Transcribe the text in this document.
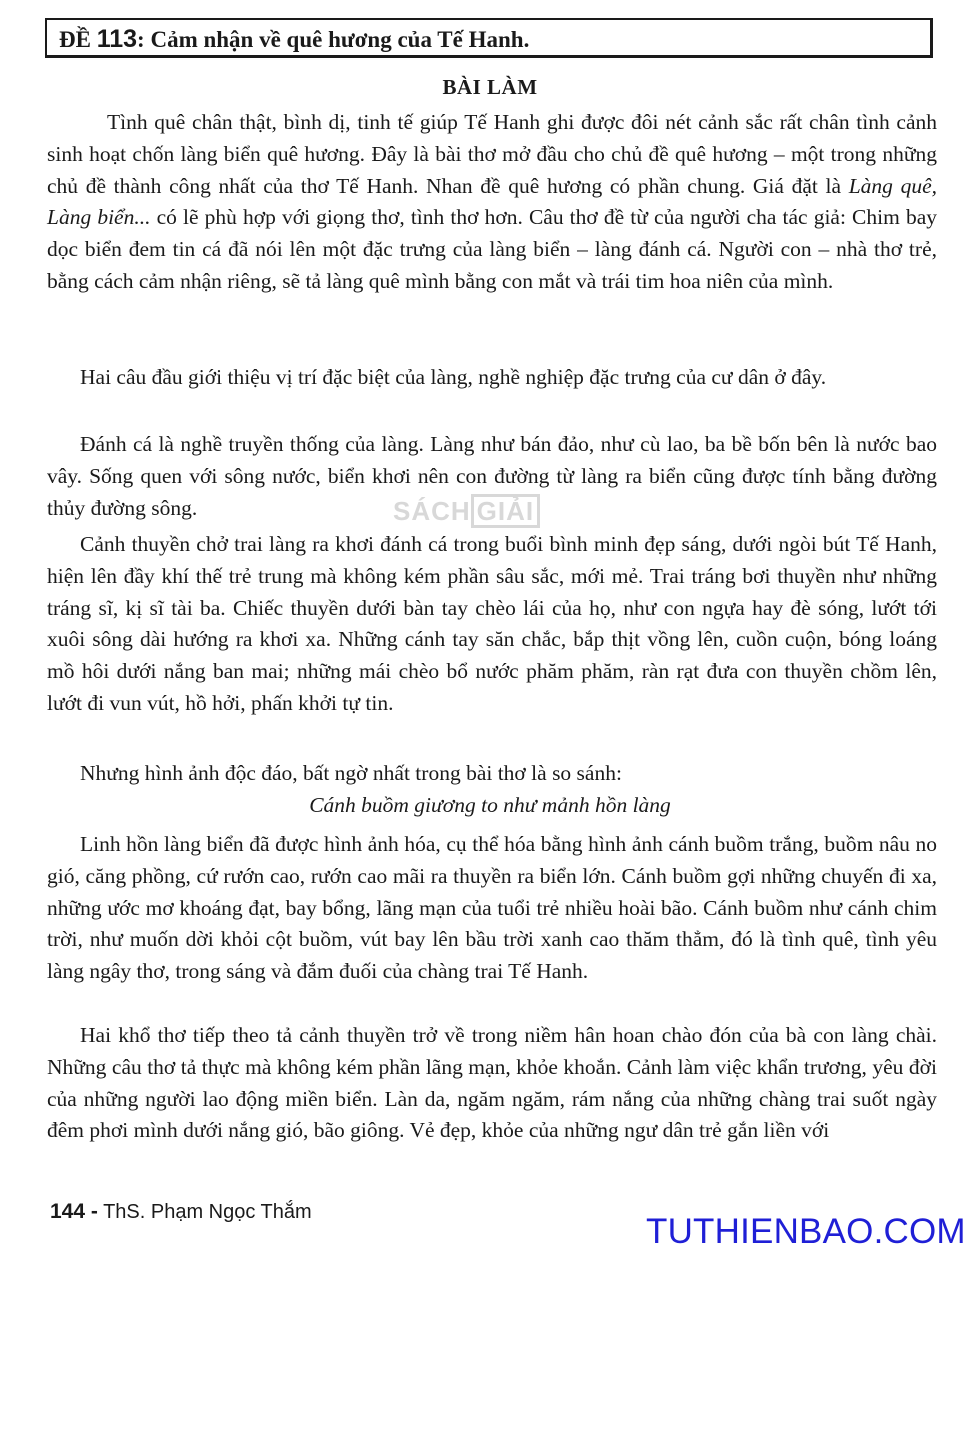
ĐỀ 113: Cảm nhận về quê hương của Tế Hanh.
BÀI LÀM

Tình quê chân thật, bình dị, tinh tế giúp Tế Hanh ghi được đôi nét cảnh sắc rất chân tình cảnh sinh hoạt chốn làng biển quê hương. Đây là bài thơ mở đầu cho chủ đề quê hương – một trong những chủ đề thành công nhất của thơ Tế Hanh. Nhan đề quê hương có phần chung. Giá đặt là Làng quê, Làng biển... có lẽ phù hợp với giọng thơ, tình thơ hơn. Câu thơ đề từ của người cha tác giả: Chim bay dọc biển đem tin cá đã nói lên một đặc trưng của làng biển – làng đánh cá. Người con – nhà thơ trẻ, bằng cách cảm nhận riêng, sẽ tả làng quê mình bằng con mắt và trái tim hoa niên của mình.

Hai câu đầu giới thiệu vị trí đặc biệt của làng, nghề nghiệp đặc trưng của cư dân ở đây.

Đánh cá là nghề truyền thống của làng. Làng như bán đảo, như cù lao, ba bề bốn bên là nước bao vây. Sống quen với sông nước, biển khơi nên con đường từ làng ra biển cũng được tính bằng đường thủy đường sông.

Cảnh thuyền chở trai làng ra khơi đánh cá trong buổi bình minh đẹp sáng, dưới ngòi bút Tế Hanh, hiện lên đầy khí thế trẻ trung mà không kém phần sâu sắc, mới mẻ. Trai tráng bơi thuyền như những tráng sĩ, kị sĩ tài ba. Chiếc thuyền dưới bàn tay chèo lái của họ, như con ngựa hay đè sóng, lướt tới xuôi sông dài hướng ra khơi xa. Những cánh tay săn chắc, bắp thịt vồng lên, cuồn cuộn, bóng loáng mồ hôi dưới nắng ban mai; những mái chèo bổ nước phăm phăm, ràn rạt đưa con thuyền chồm lên, lướt đi vun vút, hồ hởi, phấn khởi tự tin.

Nhưng hình ảnh độc đáo, bất ngờ nhất trong bài thơ là so sánh:

Cánh buồm giương to như mảnh hồn làng

Linh hồn làng biển đã được hình ảnh hóa, cụ thể hóa bằng hình ảnh cánh buồm trắng, buồm nâu no gió, căng phồng, cứ rướn cao, rướn cao mãi ra thuyền ra biển lớn. Cánh buồm gợi những chuyến đi xa, những ước mơ khoáng đạt, bay bổng, lãng mạn của tuổi trẻ nhiều hoài bão. Cánh buồm như cánh chim trời, như muốn dời khỏi cột buồm, vút bay lên bầu trời xanh cao thăm thẳm, đó là tình quê, tình yêu làng ngây thơ, trong sáng và đắm đuối của chàng trai Tế Hanh.

Hai khổ thơ tiếp theo tả cảnh thuyền trở về trong niềm hân hoan chào đón của bà con làng chài. Những câu thơ tả thực mà không kém phần lãng mạn, khỏe khoắn. Cảnh làm việc khẩn trương, yêu đời của những người lao động miền biển. Làn da, ngăm ngăm, rám nắng của những chàng trai suốt ngày đêm phơi mình dưới nắng gió, bão giông. Vẻ đẹp, khỏe của những ngư dân trẻ gắn liền với

SÁCH GIẢI
144 - ThS. Phạm Ngọc Thắm	TUTHIENBAO.COM
